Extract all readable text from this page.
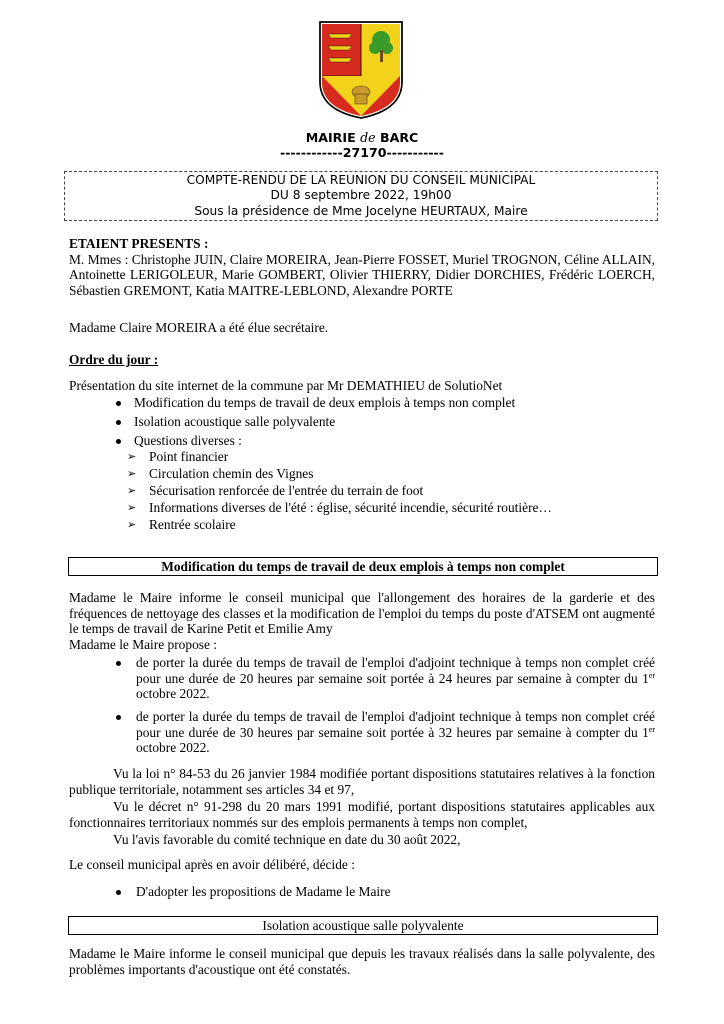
MAIRIE de BARC
------------27170-----------
COMPTE-RENDU DE LA REUNION DU CONSEIL MUNICIPAL
DU 8 septembre 2022, 19h00
Sous la présidence de Mme Jocelyne HEURTAUX, Maire
ETAIENT PRESENTS :
M. Mmes : Christophe JUIN, Claire MOREIRA, Jean-Pierre FOSSET, Muriel TROGNON, Céline ALLAIN, Antoinette LERIGOLEUR, Marie GOMBERT, Olivier THIERRY, Didier DORCHIES, Frédéric LOERCH, Sébastien GREMONT, Katia MAITRE-LEBLOND, Alexandre PORTE
Madame Claire MOREIRA a été élue secrétaire.
Ordre du jour :
Présentation du site internet de la commune par Mr DEMATHIEU de SolutioNet
Modification du temps de travail de deux emplois à temps non complet
Isolation acoustique salle polyvalente
Questions diverses :
➢ Point financier
➢ Circulation chemin des Vignes
➢ Sécurisation renforcée de l'entrée du terrain de foot
➢ Informations diverses de l'été : église, sécurité incendie, sécurité routière…
➢ Rentrée scolaire
Modification du temps de travail de deux emplois à temps non complet
Madame le Maire informe le conseil municipal que l'allongement des horaires de la garderie et des fréquences de nettoyage des classes et la modification de l'emploi du temps du poste d'ATSEM ont augmenté le temps de travail de Karine Petit et Emilie Amy
Madame le Maire propose :
de porter la durée du temps de travail de l'emploi d'adjoint technique à temps non complet créé pour une durée de 20 heures par semaine soit portée à 24 heures par semaine à compter du 1er octobre 2022.
de porter la durée du temps de travail de l'emploi d'adjoint technique à temps non complet créé pour une durée de 30 heures par semaine soit portée à 32 heures par semaine à compter du 1er octobre 2022.
Vu la loi n° 84-53 du 26 janvier 1984 modifiée portant dispositions statutaires relatives à la fonction publique territoriale, notamment ses articles 34 et 97,
Vu le décret n° 91-298 du 20 mars 1991 modifié, portant dispositions statutaires applicables aux fonctionnaires territoriaux nommés sur des emplois permanents à temps non complet,
Vu l'avis favorable du comité technique en date du 30 août 2022,
Le conseil municipal après en avoir délibéré, décide :
D'adopter les propositions de Madame le Maire
Isolation acoustique salle polyvalente
Madame le Maire informe le conseil municipal que depuis les travaux réalisés dans la salle polyvalente, des problèmes importants d'acoustique ont été constatés.
